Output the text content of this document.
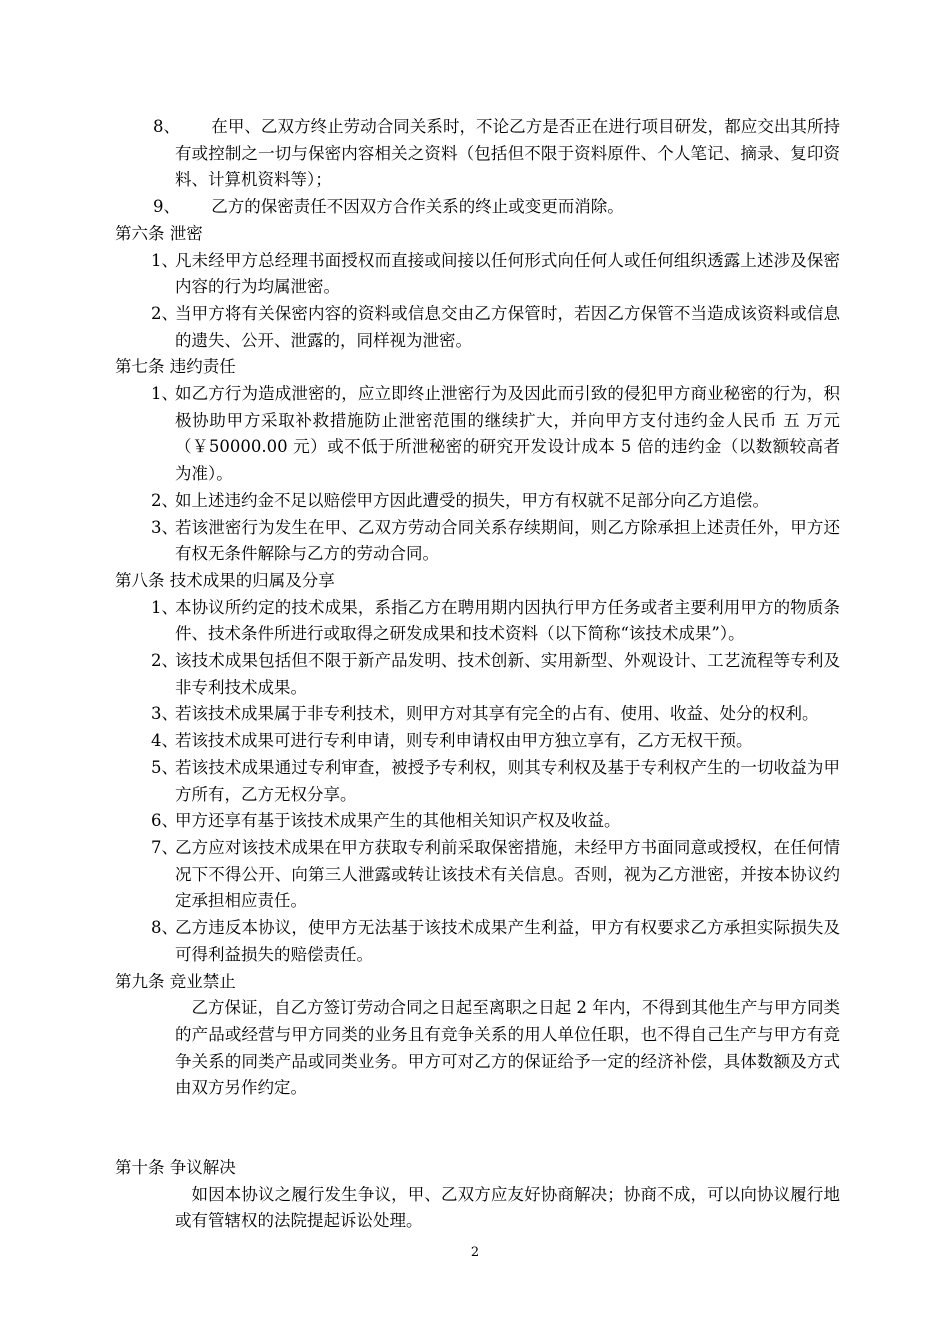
8、	在甲、乙双方终止劳动合同关系时，不论乙方是否正在进行项目研发，都应交出其所持有或控制之一切与保密内容相关之资料（包括但不限于资料原件、个人笔记、摘录、复印资料、计算机资料等）；
9、	乙方的保密责任不因双方合作关系的终止或变更而消除。

第六条 泄密

1、
凡未经甲方总经理书面授权而直接或间接以任何形式向任何人或任何组织透露上述涉及保密内容的行为均属泄密。
2、
当甲方将有关保密内容的资料或信息交由乙方保管时，若因乙方保管不当造成该资料或信息的遗失、公开、泄露的，同样视为泄密。

第七条 违约责任

1、
如乙方行为造成泄密的，应立即终止泄密行为及因此而引致的侵犯甲方商业秘密的行为，积极协助甲方采取补救措施防止泄密范围的继续扩大，并向甲方支付违约金人民币 五 万元（￥50000.00 元）或不低于所泄秘密的研究开发设计成本 5 倍的违约金（以数额较高者为准）。
2、
如上述违约金不足以赔偿甲方因此遭受的损失，甲方有权就不足部分向乙方追偿。
3、
若该泄密行为发生在甲、乙双方劳动合同关系存续期间，则乙方除承担上述责任外，甲方还有权无条件解除与乙方的劳动合同。

第八条 技术成果的归属及分享

1、
本协议所约定的技术成果，系指乙方在聘用期内因执行甲方任务或者主要利用甲方的物质条件、技术条件所进行或取得之研发成果和技术资料（以下简称“该技术成果”）。
2、
该技术成果包括但不限于新产品发明、技术创新、实用新型、外观设计、工艺流程等专利及非专利技术成果。
3、
若该技术成果属于非专利技术，则甲方对其享有完全的占有、使用、收益、处分的权利。
4、
若该技术成果可进行专利申请，则专利申请权由甲方独立享有，乙方无权干预。
5、
若该技术成果通过专利审查，被授予专利权，则其专利权及基于专利权产生的一切收益为甲方所有，乙方无权分享。
6、
甲方还享有基于该技术成果产生的其他相关知识产权及收益。
7、
乙方应对该技术成果在甲方获取专利前采取保密措施，未经甲方书面同意或授权，在任何情况下不得公开、向第三人泄露或转让该技术有关信息。否则，视为乙方泄密，并按本协议约定承担相应责任。
8、
乙方违反本协议，使甲方无法基于该技术成果产生利益，甲方有权要求乙方承担实际损失及可得利益损失的赔偿责任。

第九条 竞业禁止

乙方保证，自乙方签订劳动合同之日起至离职之日起 2 年内，不得到其他生产与甲方同类的产品或经营与甲方同类的业务且有竞争关系的用人单位任职，也不得自己生产与甲方有竞争关系的同类产品或同类业务。甲方可对乙方的保证给予一定的经济补偿，具体数额及方式由双方另作约定。

第十条 争议解决

如因本协议之履行发生争议，甲、乙双方应友好协商解决；协商不成，可以向协议履行地或有管辖权的法院提起诉讼处理。

2
